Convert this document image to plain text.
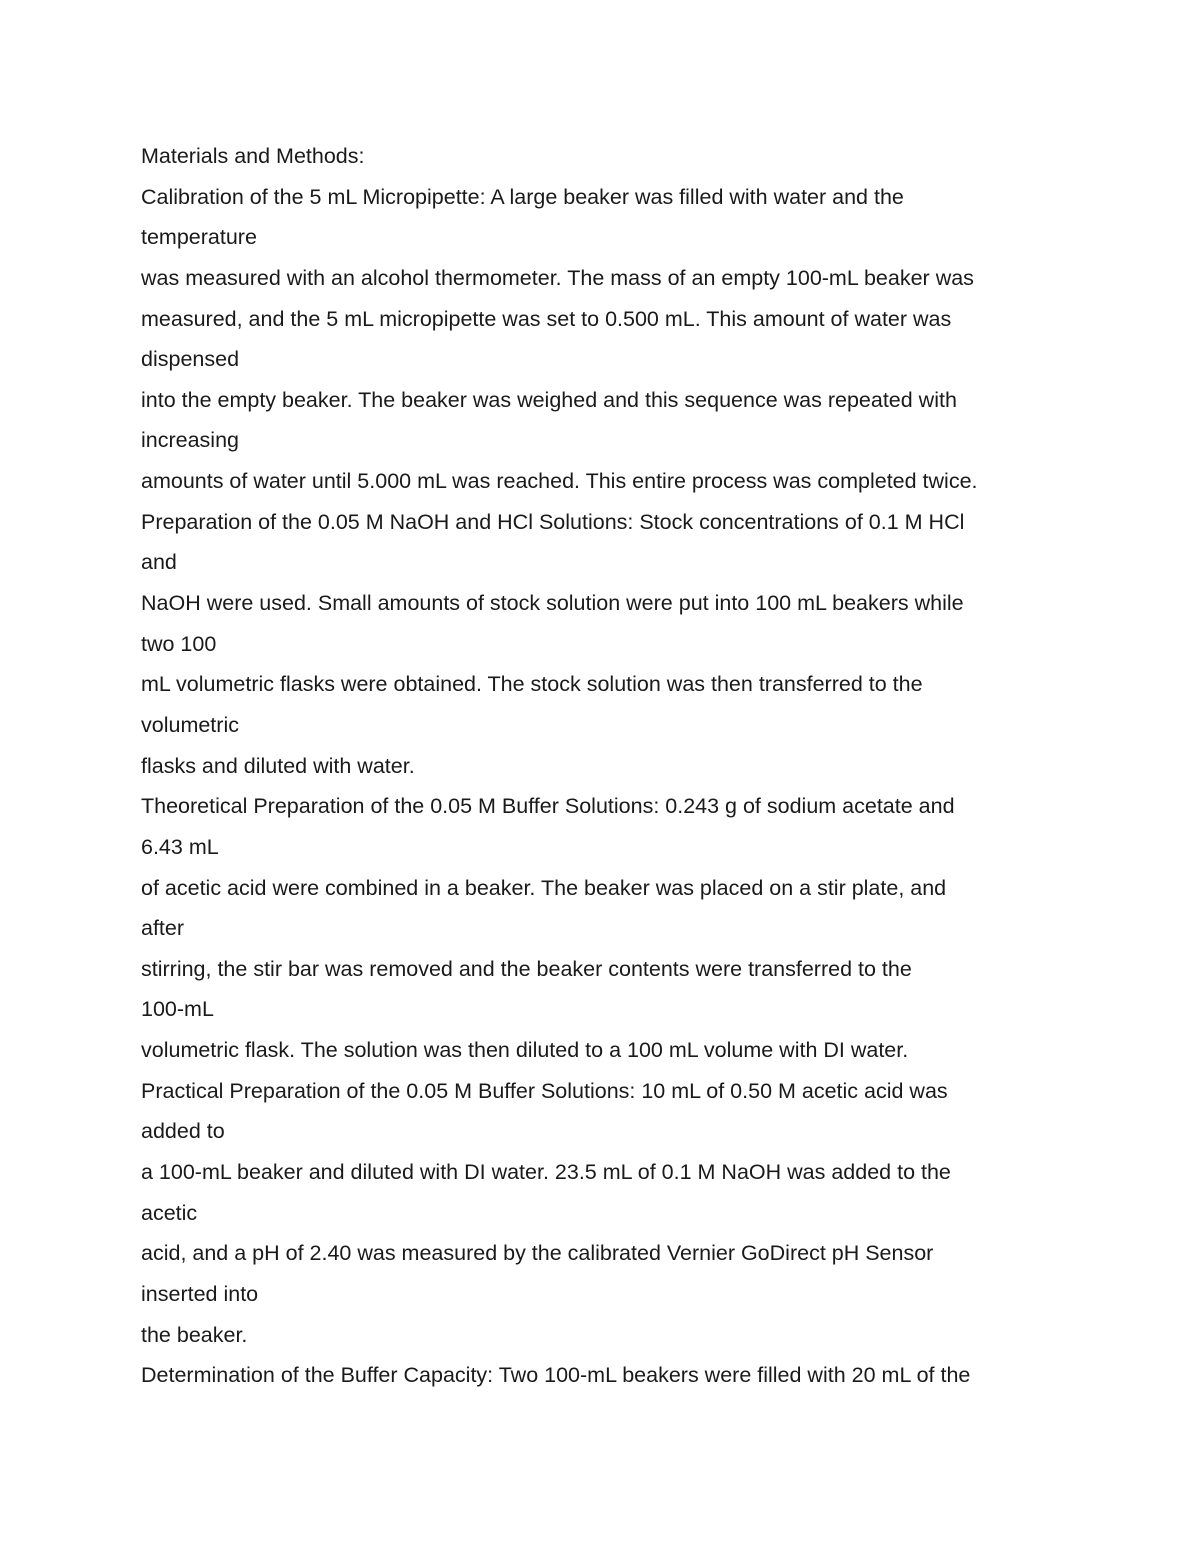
Materials and Methods:
Calibration of the 5 mL Micropipette: A large beaker was filled with water and the
temperature
was measured with an alcohol thermometer. The mass of an empty 100-mL beaker was
measured, and the 5 mL micropipette was set to 0.500 mL. This amount of water was
dispensed
into the empty beaker. The beaker was weighed and this sequence was repeated with
increasing
amounts of water until 5.000 mL was reached. This entire process was completed twice.
Preparation of the 0.05 M NaOH and HCl Solutions: Stock concentrations of 0.1 M HCl
and
NaOH were used. Small amounts of stock solution were put into 100 mL beakers while
two 100
mL volumetric flasks were obtained. The stock solution was then transferred to the
volumetric
flasks and diluted with water.
Theoretical Preparation of the 0.05 M Buffer Solutions: 0.243 g of sodium acetate and
6.43 mL
of acetic acid were combined in a beaker. The beaker was placed on a stir plate, and
after
stirring, the stir bar was removed and the beaker contents were transferred to the
100-mL
volumetric flask. The solution was then diluted to a 100 mL volume with DI water.
Practical Preparation of the 0.05 M Buffer Solutions: 10 mL of 0.50 M acetic acid was
added to
a 100-mL beaker and diluted with DI water. 23.5 mL of 0.1 M NaOH was added to the
acetic
acid, and a pH of 2.40 was measured by the calibrated Vernier GoDirect pH Sensor
inserted into
the beaker.
Determination of the Buffer Capacity: Two 100-mL beakers were filled with 20 mL of the
